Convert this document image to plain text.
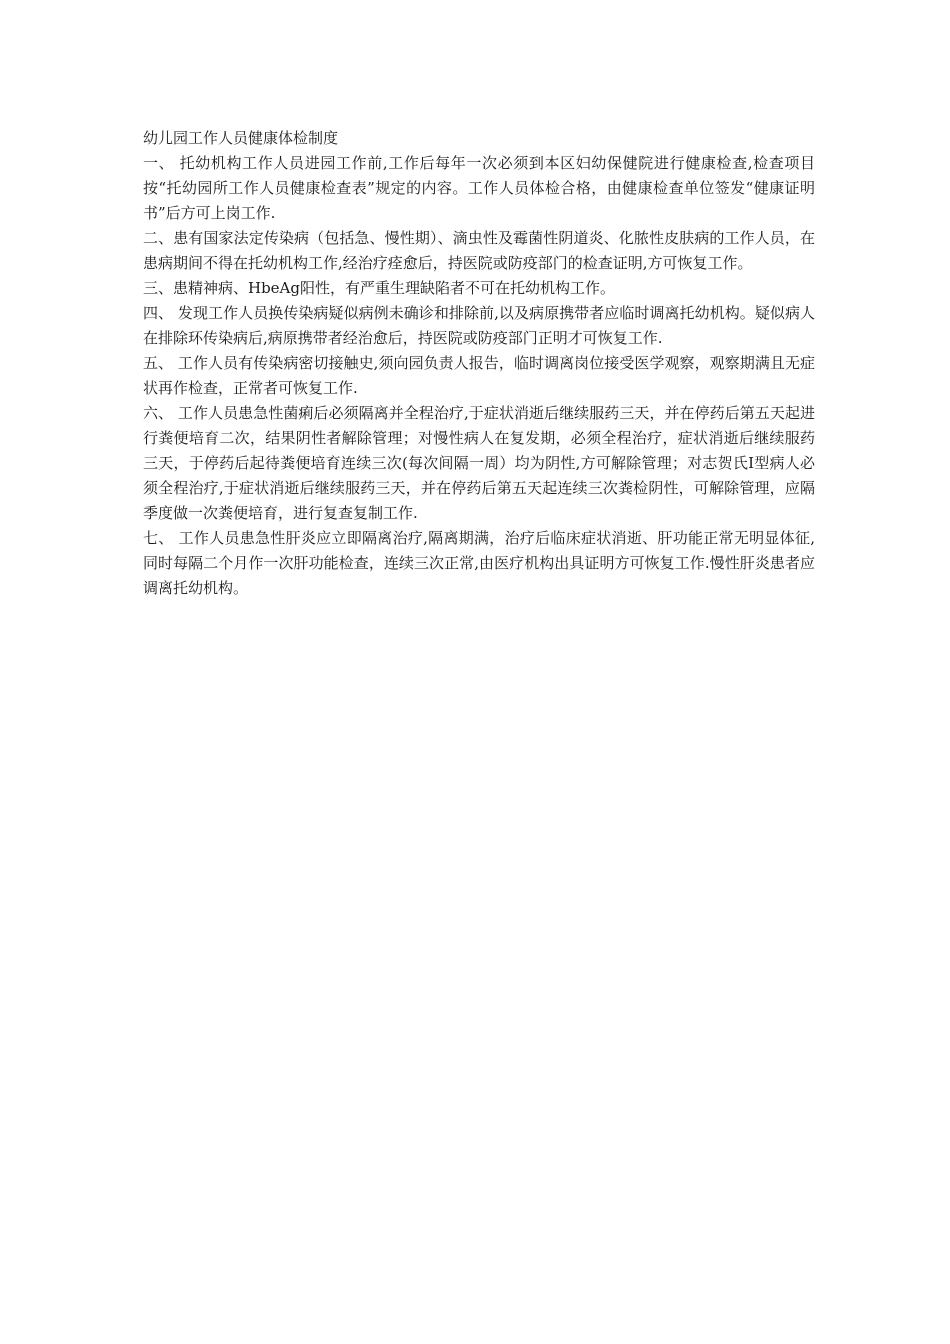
幼儿园工作人员健康体检制度

一、 托幼机构工作人员进园工作前,工作后每年一次必须到本区妇幼保健院进行健康检查,检查项目按“托幼园所工作人员健康检查表”规定的内容。工作人员体检合格，由健康检查单位签发“健康证明书”后方可上岗工作.

二、患有国家法定传染病（包括急、慢性期）、滴虫性及霉菌性阴道炎、化脓性皮肤病的工作人员，在患病期间不得在托幼机构工作,经治疗痊愈后，持医院或防疫部门的检查证明,方可恢复工作。

三、患精神病、HbeAg阳性，有严重生理缺陷者不可在托幼机构工作。

四、 发现工作人员换传染病疑似病例未确诊和排除前,以及病原携带者应临时调离托幼机构。疑似病人在排除环传染病后,病原携带者经治愈后，持医院或防疫部门正明才可恢复工作.

五、 工作人员有传染病密切接触史,须向园负责人报告，临时调离岗位接受医学观察，观察期满且无症状再作检查，正常者可恢复工作.

六、 工作人员患急性菌痢后必须隔离并全程治疗,于症状消逝后继续服药三天，并在停药后第五天起进行粪便培育二次，结果阴性者解除管理；对慢性病人在复发期，必须全程治疗，症状消逝后继续服药三天，于停药后起待粪便培育连续三次(每次间隔一周）均为阴性,方可解除管理；对志贺氏I型病人必须全程治疗,于症状消逝后继续服药三天，并在停药后第五天起连续三次粪检阴性，可解除管理，应隔季度做一次粪便培育，进行复查复制工作.

七、 工作人员患急性肝炎应立即隔离治疗,隔离期满，治疗后临床症状消逝、肝功能正常无明显体征,同时每隔二个月作一次肝功能检查，连续三次正常,由医疗机构出具证明方可恢复工作.慢性肝炎患者应调离托幼机构。
